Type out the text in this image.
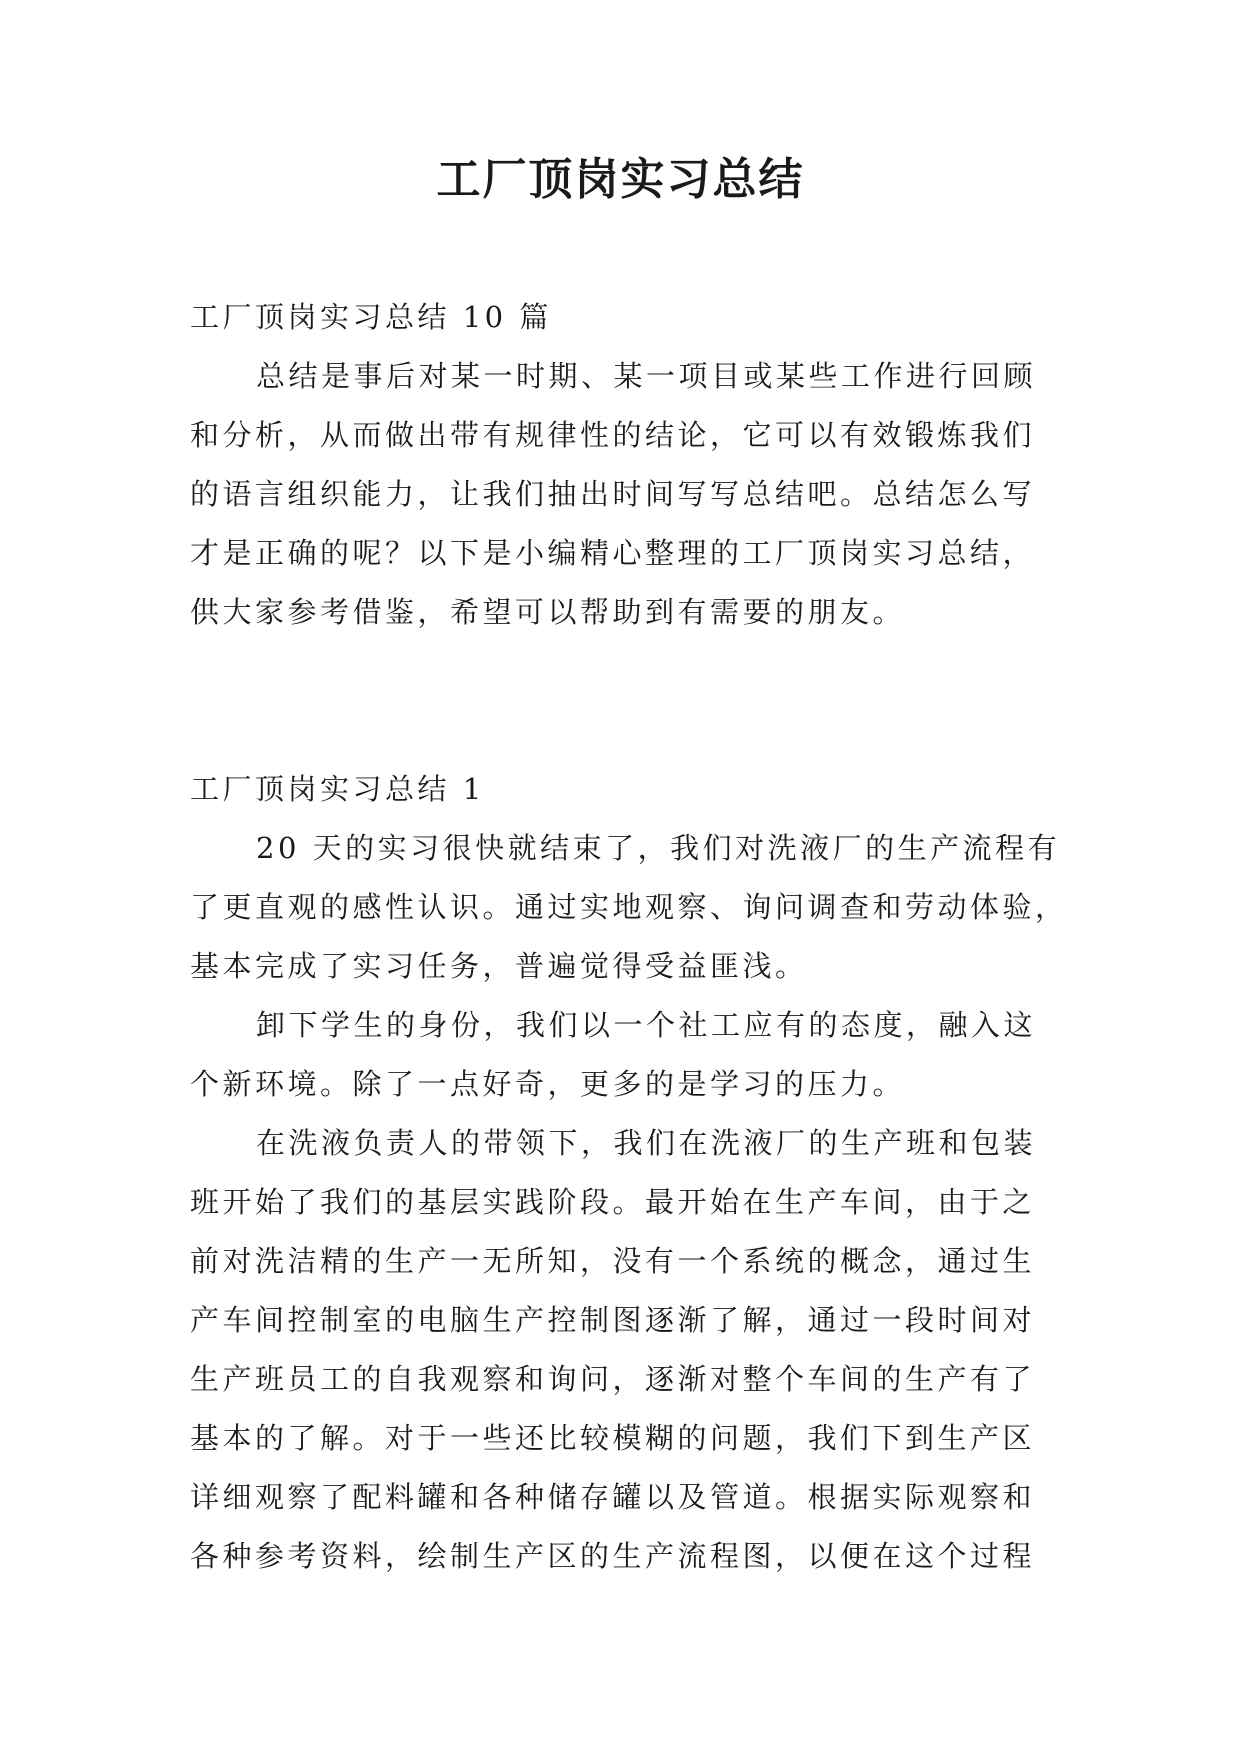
工厂顶岗实习总结
工厂顶岗实习总结 10 篇
总结是事后对某一时期、某一项目或某些工作进行回顾
和分析，从而做出带有规律性的结论，它可以有效锻炼我们
的语言组织能力，让我们抽出时间写写总结吧。总结怎么写
才是正确的呢？以下是小编精心整理的工厂顶岗实习总结，
供大家参考借鉴，希望可以帮助到有需要的朋友。
工厂顶岗实习总结 1
20 天的实习很快就结束了，我们对洗液厂的生产流程有
了更直观的感性认识。通过实地观察、询问调查和劳动体验，
基本完成了实习任务，普遍觉得受益匪浅。
卸下学生的身份，我们以一个社工应有的态度，融入这
个新环境。除了一点好奇，更多的是学习的压力。
在洗液负责人的带领下，我们在洗液厂的生产班和包装
班开始了我们的基层实践阶段。最开始在生产车间，由于之
前对洗洁精的生产一无所知，没有一个系统的概念，通过生
产车间控制室的电脑生产控制图逐渐了解，通过一段时间对
生产班员工的自我观察和询问，逐渐对整个车间的生产有了
基本的了解。对于一些还比较模糊的问题，我们下到生产区
详细观察了配料罐和各种储存罐以及管道。根据实际观察和
各种参考资料，绘制生产区的生产流程图，以便在这个过程
